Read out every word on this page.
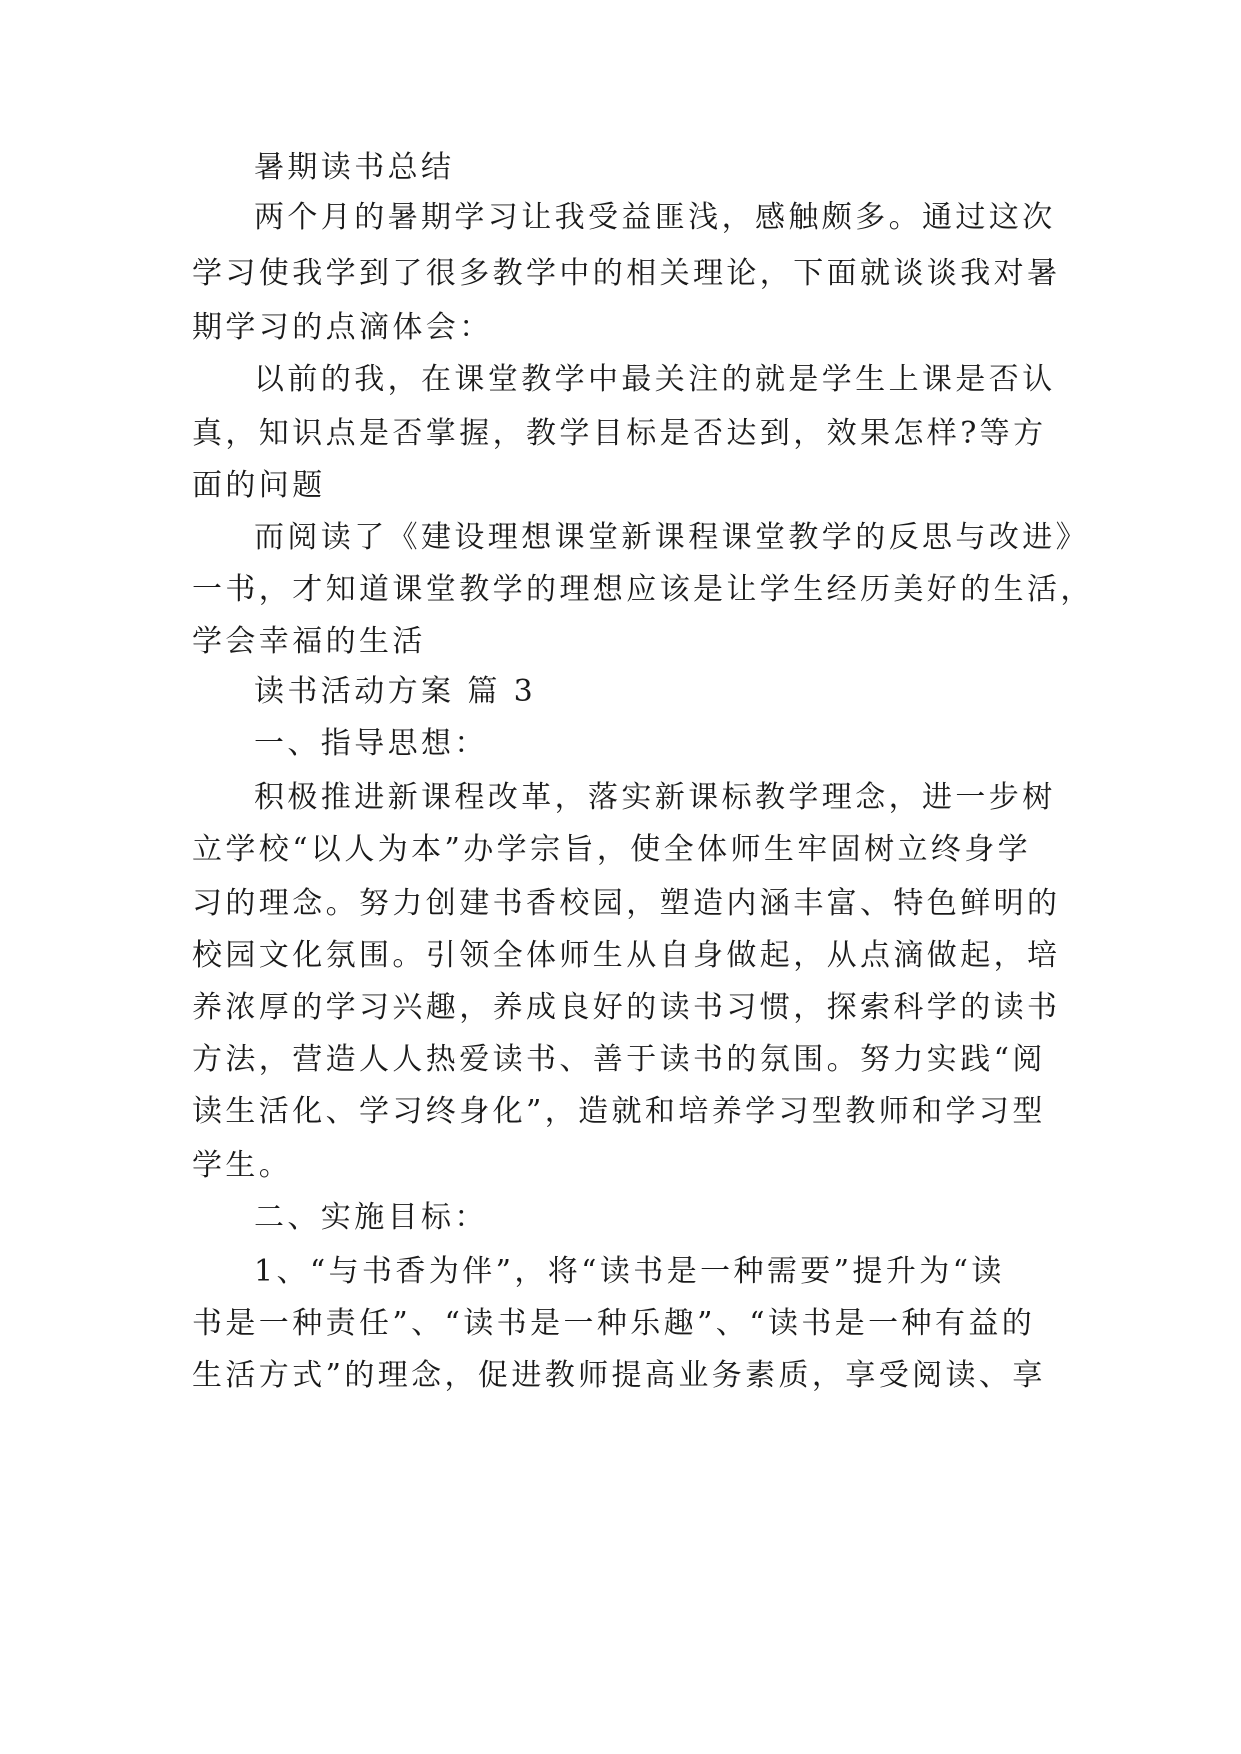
暑期读书总结
两个月的暑期学习让我受益匪浅，感触颇多。通过这次
学习使我学到了很多教学中的相关理论，下面就谈谈我对暑
期学习的点滴体会：
以前的我，在课堂教学中最关注的就是学生上课是否认
真，知识点是否掌握，教学目标是否达到，效果怎样?等方
面的问题
而阅读了《建设理想课堂新课程课堂教学的反思与改进》
一书，才知道课堂教学的理想应该是让学生经历美好的生活，
学会幸福的生活
读书活动方案 篇 3
一、指导思想：
积极推进新课程改革，落实新课标教学理念，进一步树
立学校“以人为本”办学宗旨，使全体师生牢固树立终身学
习的理念。努力创建书香校园，塑造内涵丰富、特色鲜明的
校园文化氛围。引领全体师生从自身做起，从点滴做起，培
养浓厚的学习兴趣，养成良好的读书习惯，探索科学的读书
方法，营造人人热爱读书、善于读书的氛围。努力实践“阅
读生活化、学习终身化”，造就和培养学习型教师和学习型
学生。
二、实施目标：
1、“与书香为伴”，将“读书是一种需要”提升为“读
书是一种责任”、“读书是一种乐趣”、“读书是一种有益的
生活方式”的理念，促进教师提高业务素质，享受阅读、享
